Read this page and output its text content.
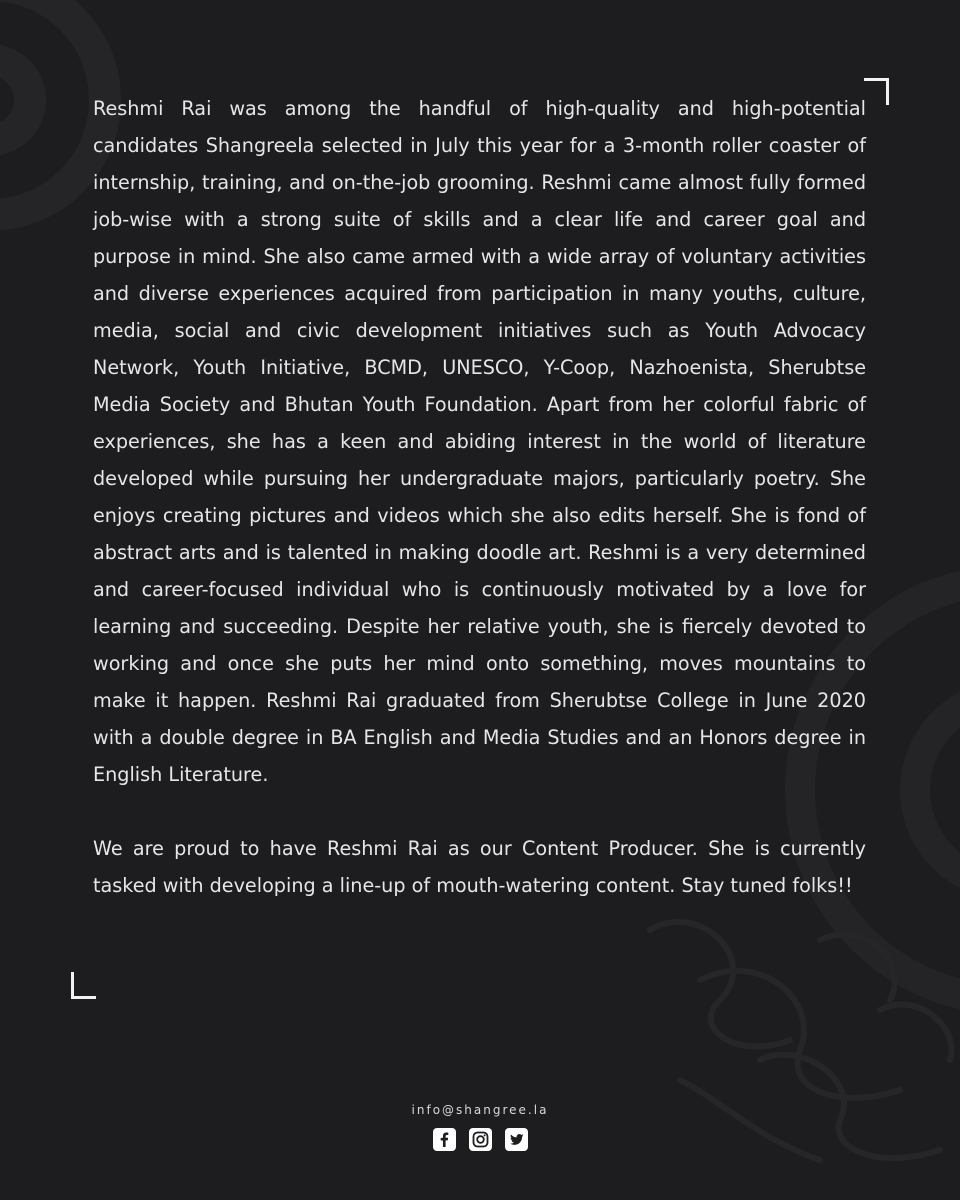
Reshmi Rai was among the handful of high-quality and high-potential candidates Shangreela selected in July this year for a 3-month roller coaster of internship, training, and on-the-job grooming. Reshmi came almost fully formed job-wise with a strong suite of skills and a clear life and career goal and purpose in mind. She also came armed with a wide array of voluntary activities and diverse experiences acquired from participation in many youths, culture, media, social and civic development initiatives such as Youth Advocacy Network, Youth Initiative, BCMD, UNESCO, Y-Coop, Nazhoenista, Sherubtse Media Society and Bhutan Youth Foundation. Apart from her colorful fabric of experiences, she has a keen and abiding interest in the world of literature developed while pursuing her undergraduate majors, particularly poetry. She enjoys creating pictures and videos which she also edits herself. She is fond of abstract arts and is talented in making doodle art. Reshmi is a very determined and career-focused individual who is continuously motivated by a love for learning and succeeding. Despite her relative youth, she is fiercely devoted to working and once she puts her mind onto something, moves mountains to make it happen. Reshmi Rai graduated from Sherubtse College in June 2020 with a double degree in BA English and Media Studies and an Honors degree in English Literature.

We are proud to have Reshmi Rai as our Content Producer. She is currently tasked with developing a line-up of mouth-watering content. Stay tuned folks!!

info@shangree.la
